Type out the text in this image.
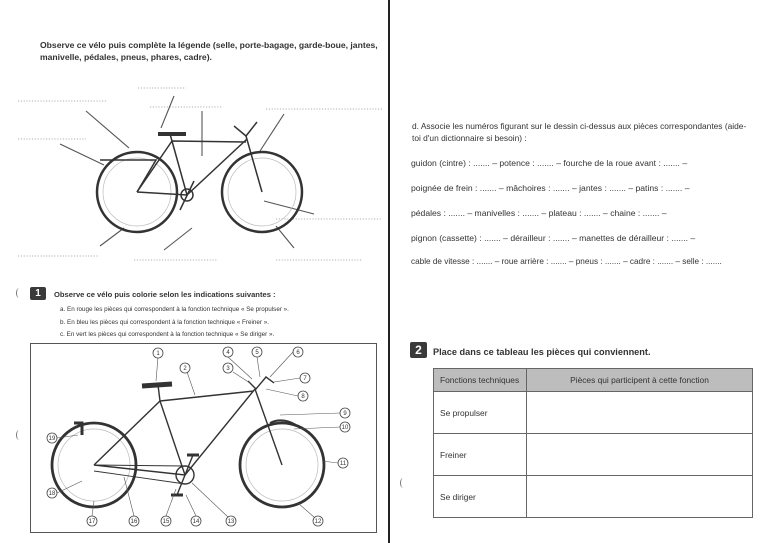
Observe ce vélo puis complète la légende (selle, porte-bagage, garde-boue, jantes, manivelle, pédales, pneus, phares, cadre).
1	Observe ce vélo puis colorie selon les indications suivantes :
a. En rouge les pièces qui correspondent à la fonction technique « Se propulser ».
b. En bleu les pièces qui correspondent à la fonction technique « Freiner ».
c. En vert les pièces qui correspondent à la fonction technique « Se diriger ».
1
2	3
4	5	6
7
8
9
10
11
12
13
14
15
16
17
18
19
d. Associe les numéros figurant sur le dessin ci-dessus aux pièces correspondantes (aide-toi d'un dictionnaire si besoin) :
guidon (cintre) : ....... – potence : ....... – fourche de la roue avant : ....... –
poignée de frein : ....... – mâchoires : ....... – jantes : ....... – patins : ....... –
pédales : ....... – manivelles : ....... – plateau : ....... – chaine : ....... –
pignon (cassette) : ....... – dérailleur : ....... – manettes de dérailleur : ....... –
cable de vitesse : ....... – roue arrière : ....... – pneus : ....... – cadre : ....... – selle : .......
2	Place dans ce tableau les pièces qui conviennent.
Fonctions techniques	Pièces qui participent à cette fonction
Se propulser	
Freiner	
Se diriger	
